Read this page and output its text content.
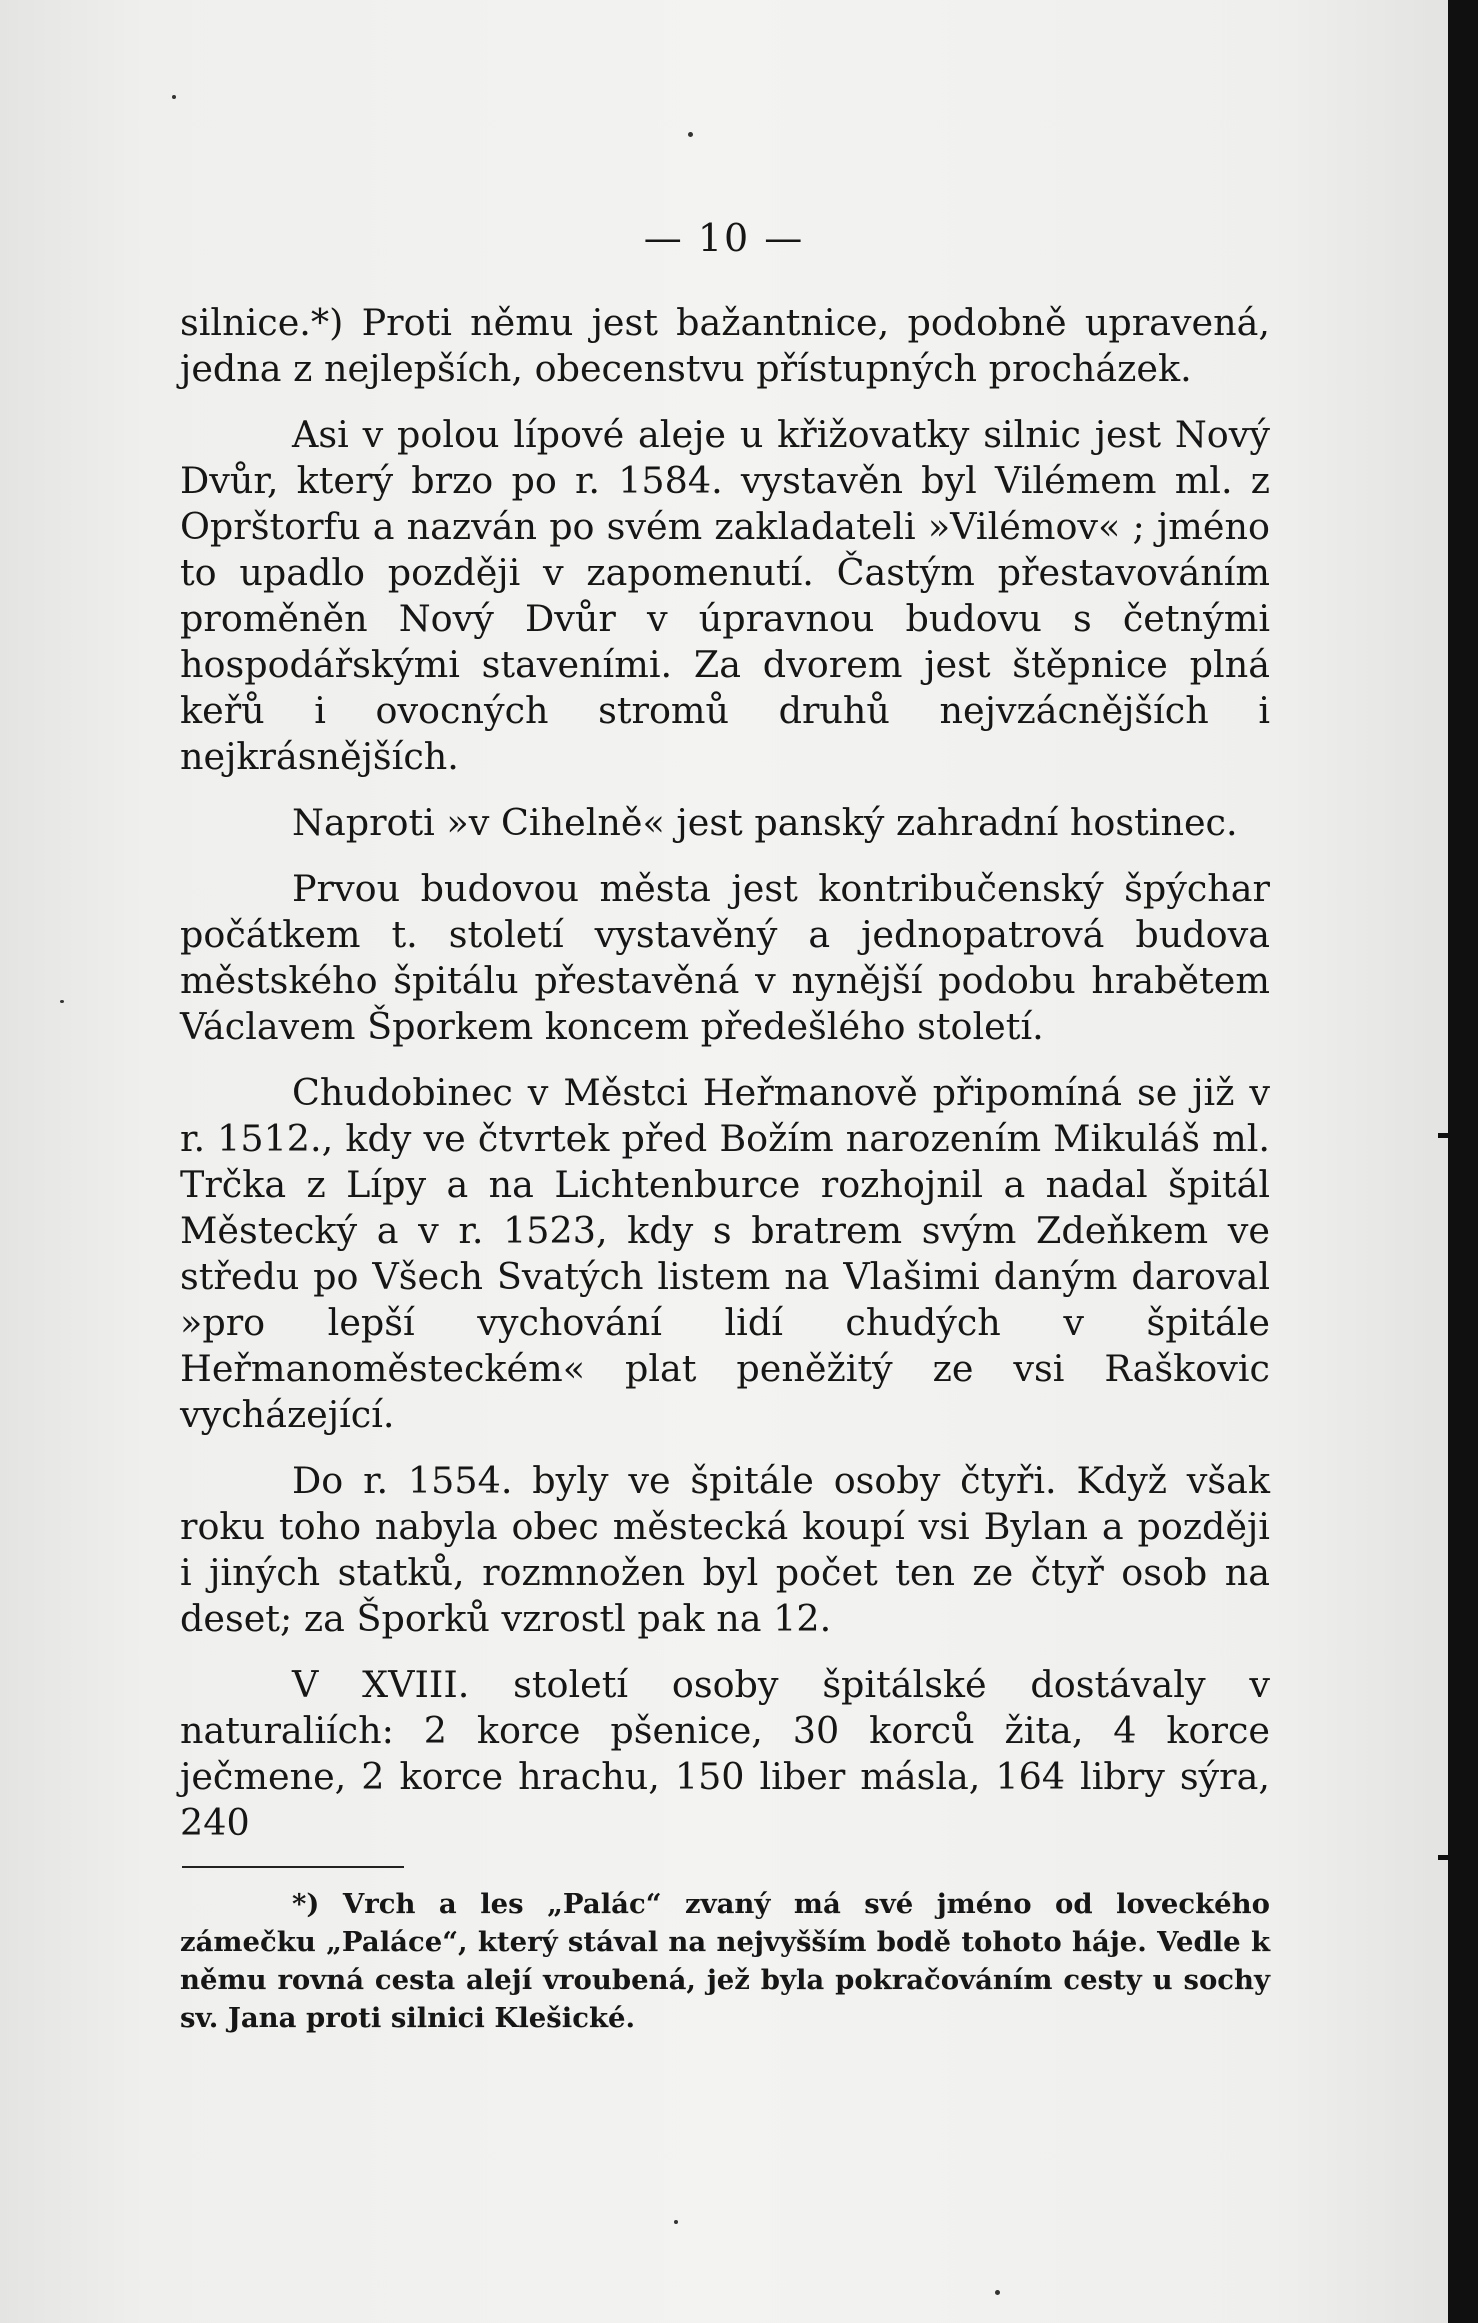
— 10 —

silnice.*) Proti němu jest bažantnice, podobně upravená, jedna z nejlepších, obecenstvu přístupných procházek.

Asi v polou lípové aleje u křižovatky silnic jest Nový Dvůr, který brzo po r. 1584. vystavěn byl Vilémem ml. z Oprštorfu a nazván po svém zakladateli »Vilémov« ; jméno to upadlo později v zapomenutí. Častým přestavováním proměněn Nový Dvůr v úpravnou budovu s četnými hospodářskými staveními. Za dvorem jest štěpnice plná keřů i ovocných stromů druhů nejvzácnějších i nejkrásnějších.

Naproti »v Cihelně« jest panský zahradní hostinec.

Prvou budovou města jest kontribučenský špýchar počátkem t. století vystavěný a jednopatrová budova městského špitálu přestavěná v nynější podobu hrabětem Václavem Šporkem koncem předešlého století.

Chudobinec v Městci Heřmanově připomíná se již v r. 1512., kdy ve čtvrtek před Božím narozením Mikuláš ml. Trčka z Lípy a na Lichtenburce rozhojnil a nadal špitál Městecký a v r. 1523, kdy s bratrem svým Zdeňkem ve středu po Všech Svatých listem na Vlašimi daným daroval »pro lepší vychování lidí chudých v špitále Heřmanoměsteckém« plat peněžitý ze vsi Raškovic vycházející.

Do r. 1554. byly ve špitále osoby čtyři. Když však roku toho nabyla obec městecká koupí vsi Bylan a později i jiných statků, rozmnožen byl počet ten ze čtyř osob na deset; za Šporků vzrostl pak na 12.

V XVIII. století osoby špitálské dostávaly v naturaliích: 2 korce pšenice, 30 korců žita, 4 korce ječmene, 2 korce hrachu, 150 liber másla, 164 libry sýra, 240

*) Vrch a les „Palác“ zvaný má své jméno od loveckého zámečku „Paláce“, který stával na nejvyšším bodě tohoto háje. Vedle k němu rovná cesta alejí vroubená, jež byla pokračováním cesty u sochy sv. Jana proti silnici Klešické.
